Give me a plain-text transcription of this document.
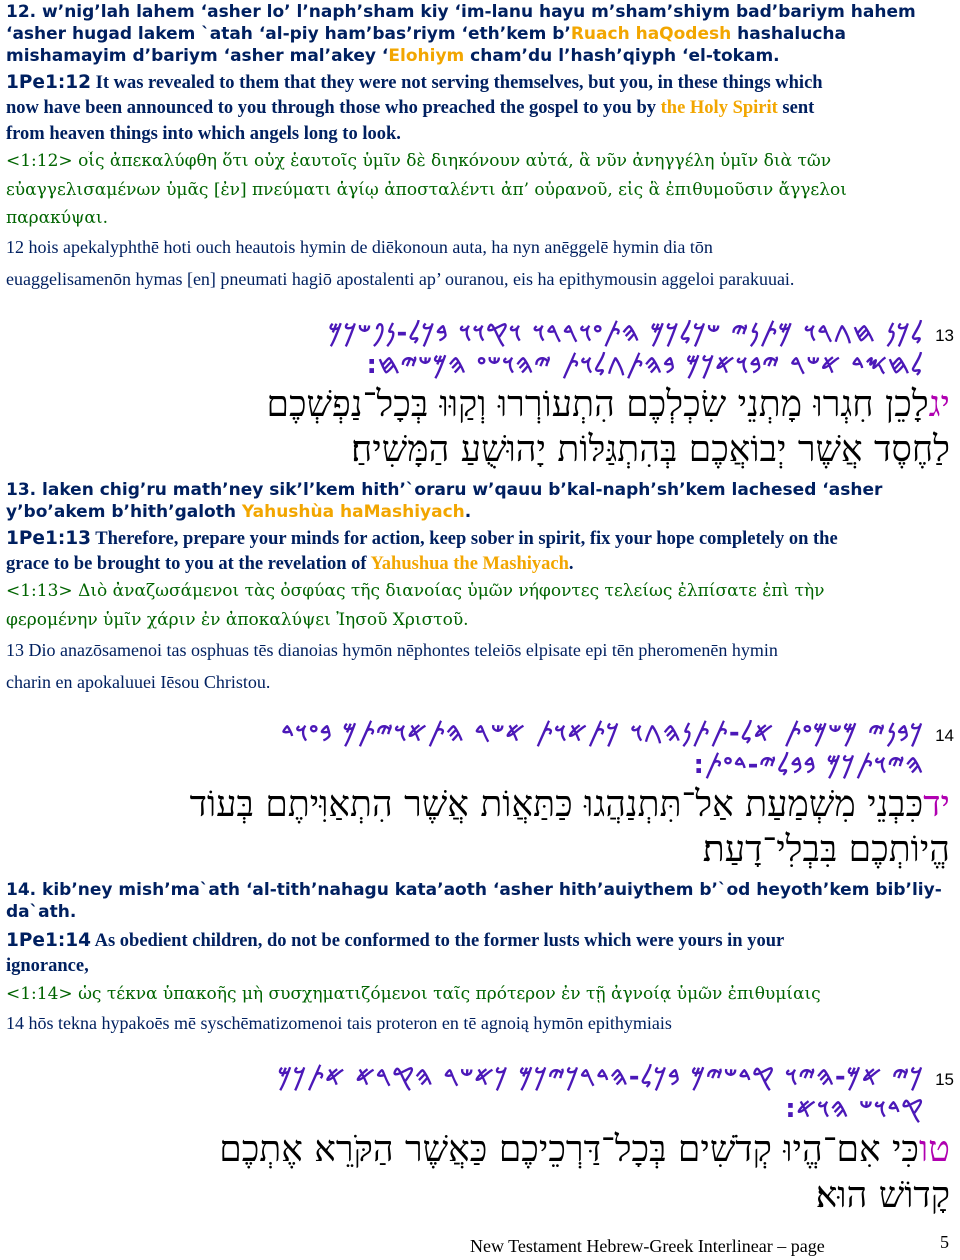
12. w’nig’lah lahem ‘asher lo’ l’naph’sham kiy ‘im-lanu hayu m’sham’shiym bad’bariym hahem
‘asher hugad lakem `atah ‘al-piy ham’bas’riym ‘eth’kem b’Ruach haQodesh hashalucha
mishamayim d’bariym ‘asher mal’akey ‘Elohiym cham’du l’hash’qiyph ‘el-tokam.
1Pe1:12 It was revealed to them that they were not serving themselves, but you, in these things which
now have been announced to you through those who preached the gospel to you by the Holy Spirit sent
from heaven things into which angels long to look.
<1:12> οἷς ἀπεκαλύφθη ὅτι οὐχ ἑαυτοῖς ὑμῖν δὲ διηκόνουν αὐτά, ἃ νῦν ἀνηγγέλη ὑμῖν διὰ τῶν
εὐαγγελισαμένων ὑμᾶς [ἐν] πνεύματι ἁγίῳ ἀποσταλέντι ἀπ’ οὐρανοῦ, εἰς ἃ ἐπιθυμοῦσιν ἄγγελοι
παρακύψαι.
12 hois apekalyphthē hoti ouch heautois hymin de diēkonoun auta, ha nyn anēggelē hymin dia tōn
euaggelisamenōn hymas [en] pneumati hagiō apostalenti ap’ ouranou, eis ha epithymousin aggeloi parakuuai.
𐤋𐤊𐤍 𐤇𐤂𐤓𐤅 𐤌𐤕𐤍𐤉 𐤔𐤊𐤋𐤊𐤌 𐤄𐤕𐤏𐤅𐤓𐤓𐤅 𐤅𐤒𐤅𐤅 𐤁𐤊𐤋-𐤍𐤐𐤔𐤊𐤌 13
𐤋𐤇𐤎𐤃 𐤀𐤔𐤓 𐤉𐤁𐤅𐤀𐤊𐤌 𐤁𐤄𐤕𐤂𐤋𐤅𐤕 𐤉𐤄𐤅𐤔𐤏 𐤄𐤌𐤔𐤉𐤇:
יגלָכֵן חִגְרוּ מָתְנֵי שִׂכְלְכֶם הִתְעוֹרְרוּ וְקַוּוּ בְּכָל־נַפְשְׁכֶם
לַחֶסֶד אֲשֶׁר יְבוֹאֲכֶם בְּהִתְגַּלּוֹת יָהוּשֻׁעַ הַמָּשִׁיחַ׃
13. laken chig’ru math’ney sik’l’kem hith’`oraru w’qauu b’kal-naph’sh’kem lachesed ‘asher
y’bo’akem b’hith’galoth Yahushùa haMashiyach.
1Pe1:13 Therefore, prepare your minds for action, keep sober in spirit, fix your hope completely on the
grace to be brought to you at the revelation of Yahushua the Mashiyach.
<1:13> Διὸ ἀναζωσάμενοι τὰς ὀσφύας τῆς διανοίας ὑμῶν νήφοντες τελείως ἐλπίσατε ἐπὶ τὴν
φερομένην ὑμῖν χάριν ἐν ἀποκαλύψει Ἰησοῦ Χριστοῦ.
13 Dio anazōsamenoi tas osphuas tēs dianoias hymōn nēphontes teleiōs elpisate epi tēn pheromenēn hymin
charin en apokaluuei Iēsou Christou.
𐤊𐤁𐤍𐤉 𐤌𐤔𐤌𐤏𐤕 𐤀𐤋-𐤕𐤕𐤍𐤄𐤂𐤅 𐤊𐤕𐤀𐤅𐤕 𐤀𐤔𐤓 𐤄𐤕𐤀𐤅𐤉𐤕𐤌 𐤁𐤏𐤅𐤃 14
𐤄𐤉𐤅𐤕𐤊𐤌 𐤁𐤁𐤋𐤉-𐤃𐤏𐤕:
ידכִּבְנֵי מִשְׁמַעַת אַל־תִּתְנַהֲגוּ כַּתַּאֲוֹת אֲשֶׁר הִתְאַוִּיתֶם בְּעוֹד
הֱיוֹתְכֶם בִּבְלִי־דָעַת׃
14. kib’ney mish’ma`ath ‘al-tith’nahagu kata’aoth ‘asher hith’auiythem b’`od heyoth’kem bib’liy-
da`ath.
1Pe1:14 As obedient children, do not be conformed to the former lusts which were yours in your
ignorance,
<1:14> ὡς τέκνα ὑπακοῆς μὴ συσχηματιζόμενοι ταῖς πρότερον ἐν τῇ ἀγνοίᾳ ὑμῶν ἐπιθυμίαις
14 hōs tekna hypakoēs mē syschēmatizomenoi tais proteron en tē agnoią hymōn epithymiais
𐤊𐤉 𐤀𐤌-𐤄𐤉𐤅 𐤒𐤃𐤔𐤉𐤌 𐤁𐤊𐤋-𐤄𐤃𐤓𐤊𐤉𐤊𐤌 𐤊𐤀𐤔𐤓 𐤄𐤒𐤓𐤀 𐤀𐤕𐤊𐤌 15
𐤒𐤃𐤅𐤔 𐤄𐤅𐤀:
טוכִּי אִם־הֱיוּ קְדֹשִׁים בְּכָל־דַּרְכֵיכֶם כַּאֲשֶׁר הַקֹּרֵא אֶתְכֶם
קָדוֹשׁ הוּא׃
New Testament Hebrew-Greek Interlinear – page	5
